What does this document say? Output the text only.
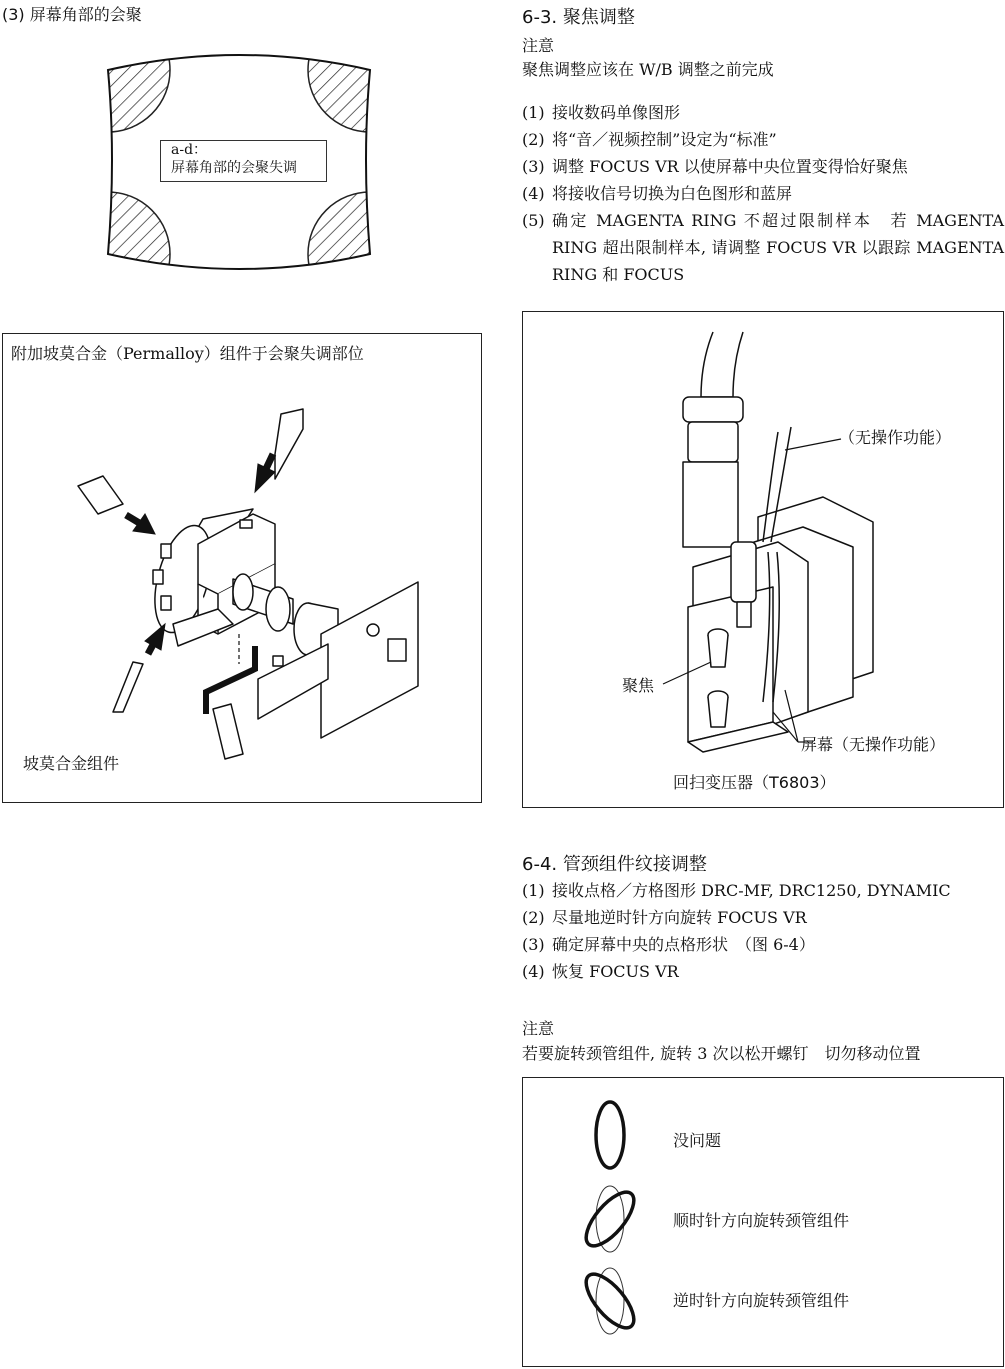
(3) 屏幕角部的会聚
a-d：
屏幕角部的会聚失调
附加坡莫合金（Permalloy）组件于会聚失调部位
坡莫合金组件
6-3. 聚焦调整
注意
聚焦调整应该在 W/B 调整之前完成
(1) 接收数码单像图形
(2) 将“音／视频控制”设定为“标准”
(3) 调整 FOCUS VR 以使屏幕中央位置变得恰好聚焦
(4) 将接收信号切换为白色图形和蓝屏
(5) 确定 MAGENTA RING 不超过限制样本　若 MAGENTA RING 超出限制样本, 请调整 FOCUS VR 以跟踪 MAGENTA RING 和 FOCUS
（无操作功能）
聚焦
屏幕（无操作功能）
回扫变压器（T6803）
6-4. 管颈组件纹接调整
(1) 接收点格／方格图形 DRC-MF, DRC1250, DYNAMIC
(2) 尽量地逆时针方向旋转 FOCUS VR
(3) 确定屏幕中央的点格形状　（图 6-4）
(4) 恢复 FOCUS VR
注意
若要旋转颈管组件, 旋转 3 次以松开螺钉　切勿移动位置
没问题
顺时针方向旋转颈管组件
逆时针方向旋转颈管组件
